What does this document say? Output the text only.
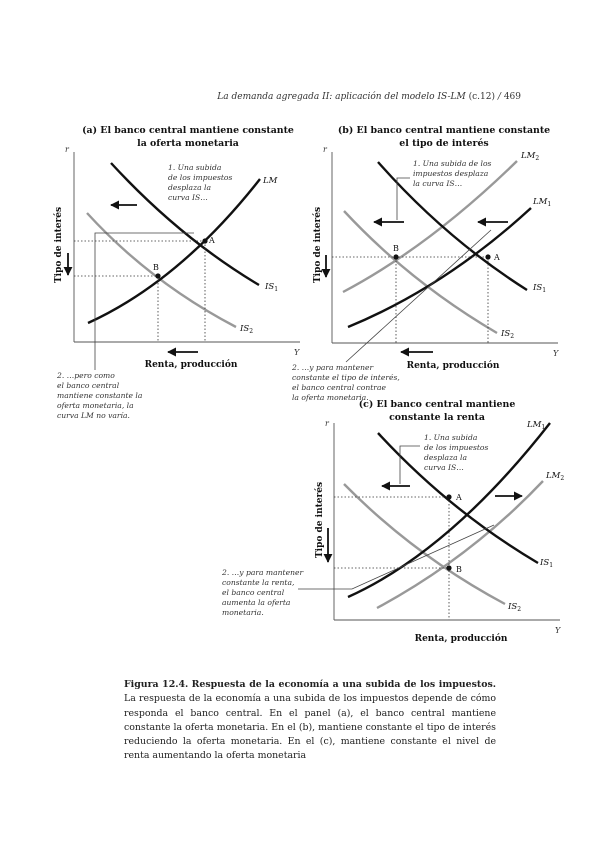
La demanda agregada II: aplicación del modelo IS-LM (c.12) / 469
(a) El banco central mantiene constante
la oferta monetaria
r
Y
Tipo de interés	A
B
LM
$IS_1$
$IS_2$
1. Una subida
de los impuestos
desplaza la
curva IS…
2. …pero como
el banco central
mantiene constante la
oferta monetaria, la
curva LM no varía.
Renta, producción
(b) El banco central mantiene constante
el tipo de interés
r
Y
Tipo de interés	A
B
$LM_2$
$LM_1$
$IS_1$
$IS_2$
1. Una subida de los
impuestos desplaza
la curva IS…
2. …y para mantener
constante el tipo de interés,
el banco central contrae
la oferta monetaria.
Renta, producción
(c) El banco central mantiene
constante la renta
r
Y
Tipo de interés	A
B
$LM_1$
$LM_2$
$IS_1$
$IS_2$
1. Una subida
de los impuestos
desplaza la
curva IS…
2. …y para mantener
constante la renta,
el banco central
aumenta la oferta
monetaria.
Renta, producción
Figura 12.4. Respuesta de la economía a una subida de los impuestos. La respuesta de la economía a una subida de los impuestos depende de cómo responda el banco central. En el panel (a), el banco central mantiene constante la oferta monetaria. En el (b), mantiene constante el tipo de interés reduciendo la oferta monetaria. En el (c), mantiene constante el nivel de renta aumentando la oferta monetaria
